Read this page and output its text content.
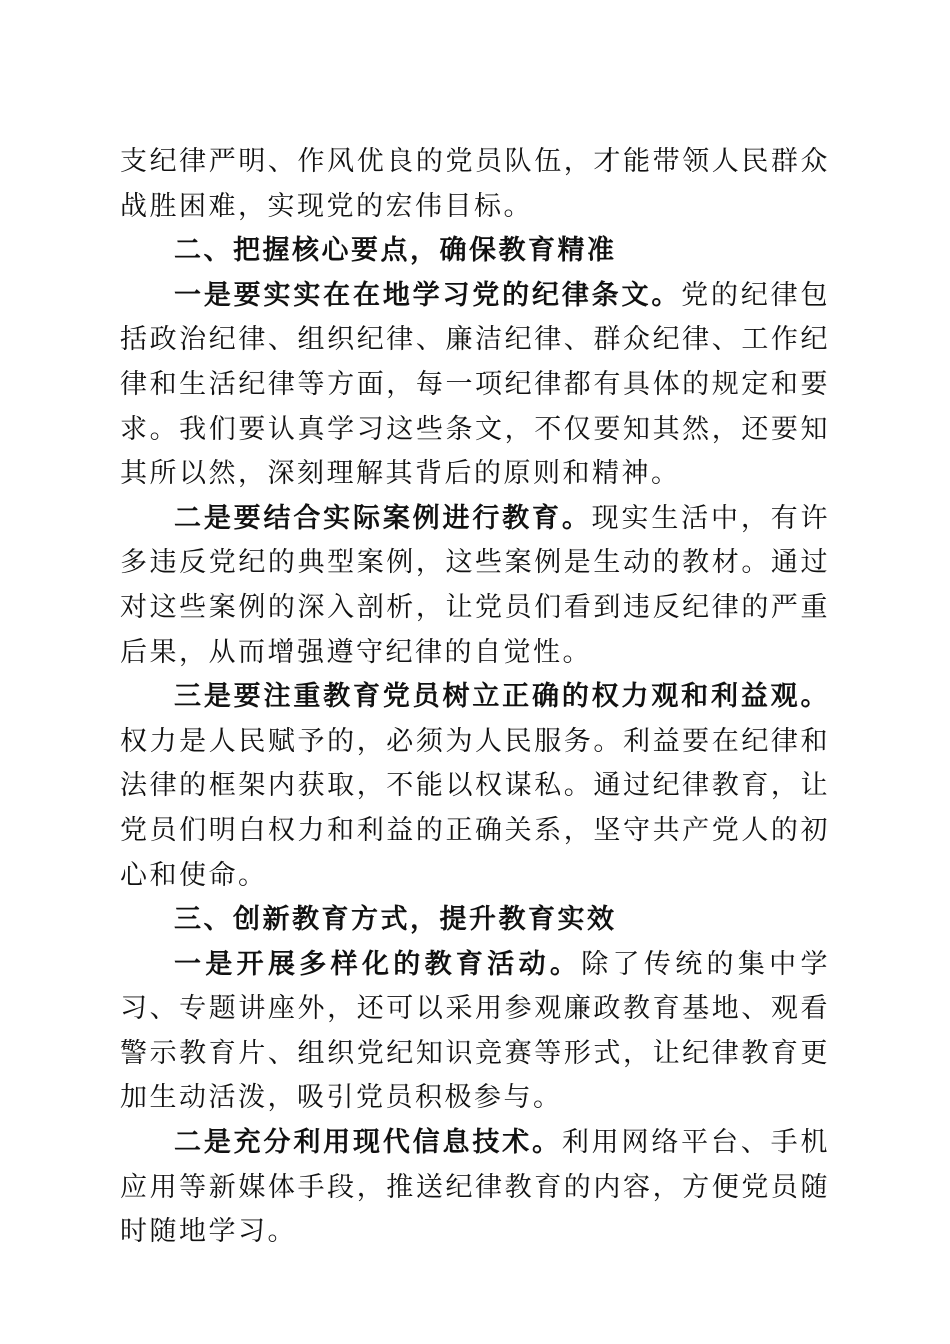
支纪律严明、作风优良的党员队伍，才能带领人民群众战胜困难，实现党的宏伟目标。

二、把握核心要点，确保教育精准

一是要实实在在地学习党的纪律条文。党的纪律包括政治纪律、组织纪律、廉洁纪律、群众纪律、工作纪律和生活纪律等方面，每一项纪律都有具体的规定和要求。我们要认真学习这些条文，不仅要知其然，还要知其所以然，深刻理解其背后的原则和精神。

二是要结合实际案例进行教育。现实生活中，有许多违反党纪的典型案例，这些案例是生动的教材。通过对这些案例的深入剖析，让党员们看到违反纪律的严重后果，从而增强遵守纪律的自觉性。

三是要注重教育党员树立正确的权力观和利益观。权力是人民赋予的，必须为人民服务。利益要在纪律和法律的框架内获取，不能以权谋私。通过纪律教育，让党员们明白权力和利益的正确关系，坚守共产党人的初心和使命。

三、创新教育方式，提升教育实效

一是开展多样化的教育活动。除了传统的集中学习、专题讲座外，还可以采用参观廉政教育基地、观看警示教育片、组织党纪知识竞赛等形式，让纪律教育更加生动活泼，吸引党员积极参与。

二是充分利用现代信息技术。利用网络平台、手机应用等新媒体手段，推送纪律教育的内容，方便党员随时随地学习。
